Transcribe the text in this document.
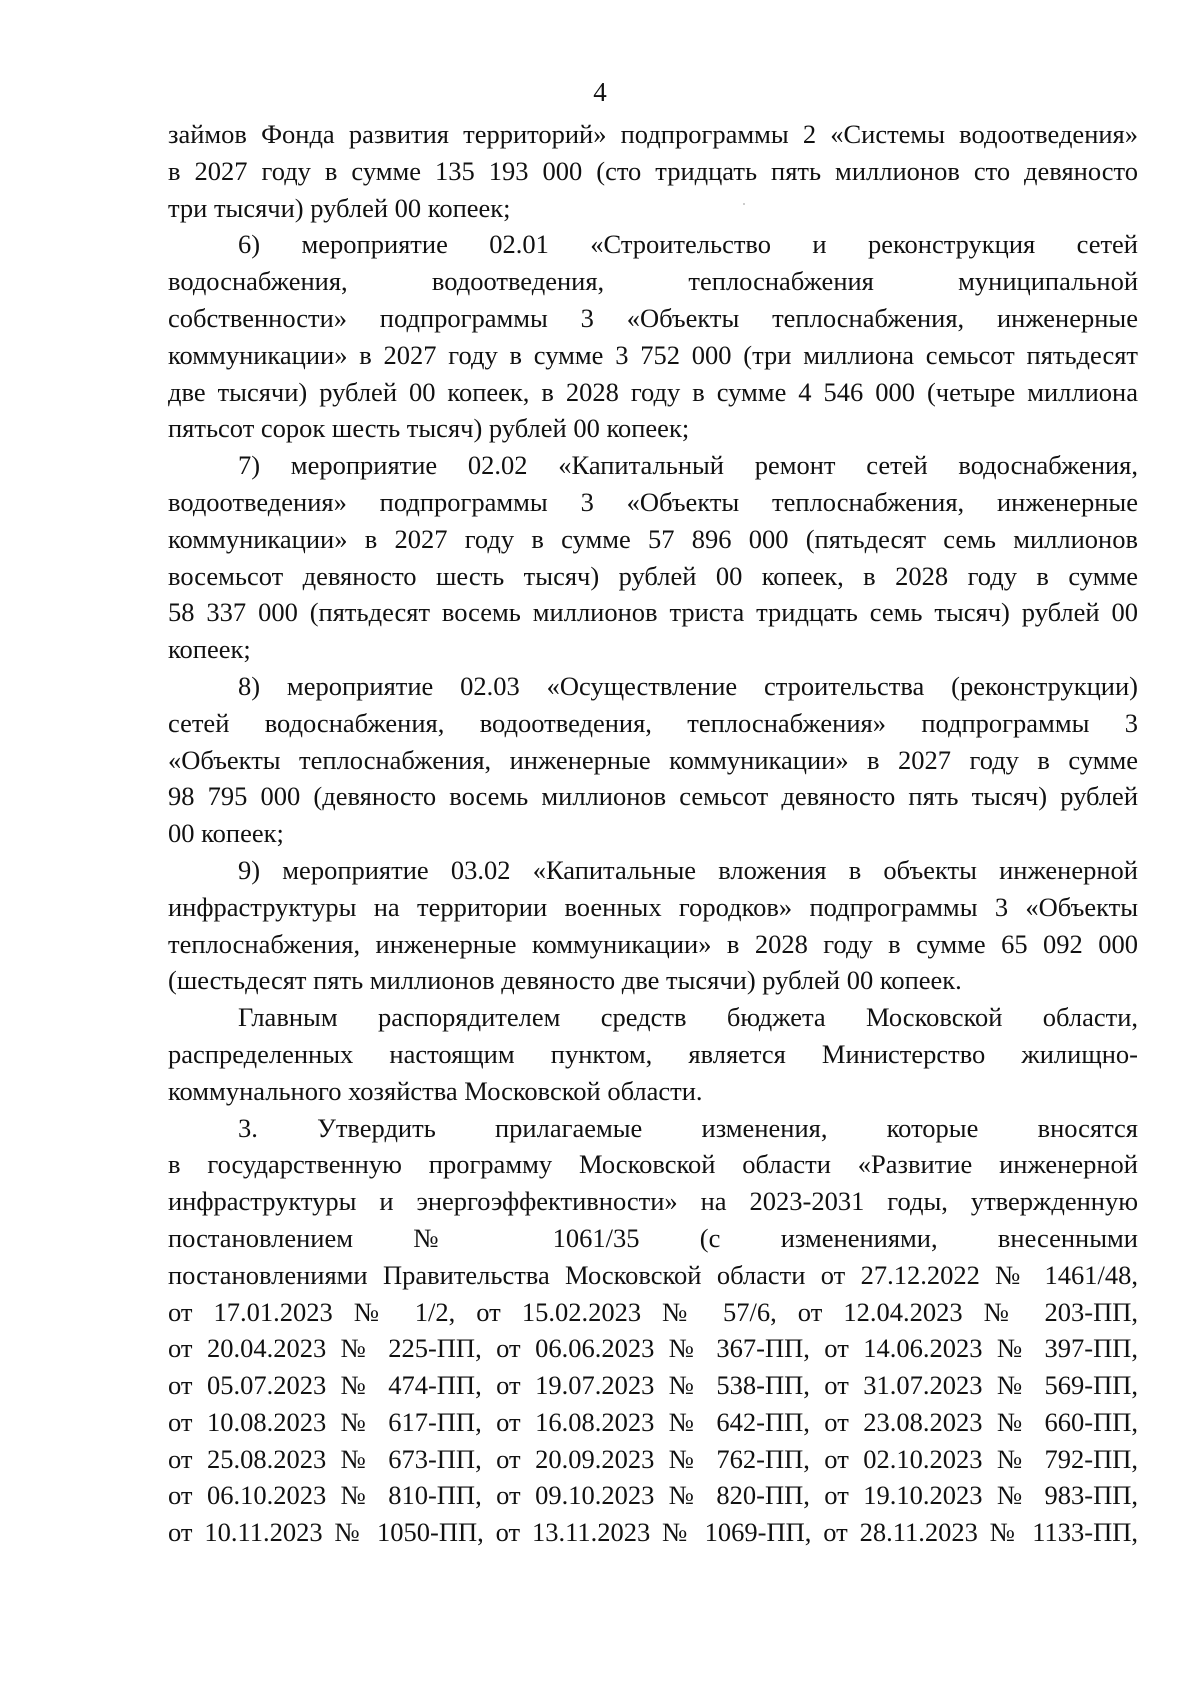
4
займов Фонда развития территорий» подпрограммы 2 «Системы водоотведения»
в 2027 году в сумме 135 193 000 (сто тридцать пять миллионов сто девяносто
три тысячи) рублей 00 копеек;
6) мероприятие 02.01 «Строительство и реконструкция сетей
водоснабжения, водоотведения, теплоснабжения муниципальной
собственности» подпрограммы 3 «Объекты теплоснабжения, инженерные
коммуникации» в 2027 году в сумме 3 752 000 (три миллиона семьсот пятьдесят
две тысячи) рублей 00 копеек, в 2028 году в сумме 4 546 000 (четыре миллиона
пятьсот сорок шесть тысяч) рублей 00 копеек;
7) мероприятие 02.02 «Капитальный ремонт сетей водоснабжения,
водоотведения» подпрограммы 3 «Объекты теплоснабжения, инженерные
коммуникации» в 2027 году в сумме 57 896 000 (пятьдесят семь миллионов
восемьсот девяносто шесть тысяч) рублей 00 копеек, в 2028 году в сумме
58 337 000 (пятьдесят восемь миллионов триста тридцать семь тысяч) рублей 00
копеек;
8) мероприятие 02.03 «Осуществление строительства (реконструкции)
сетей водоснабжения, водоотведения, теплоснабжения» подпрограммы 3
«Объекты теплоснабжения, инженерные коммуникации» в 2027 году в сумме
98 795 000 (девяносто восемь миллионов семьсот девяносто пять тысяч) рублей
00 копеек;
9) мероприятие 03.02 «Капитальные вложения в объекты инженерной
инфраструктуры на территории военных городков» подпрограммы 3 «Объекты
теплоснабжения, инженерные коммуникации» в 2028 году в сумме 65 092 000
(шестьдесят пять миллионов девяносто две тысячи) рублей 00 копеек.
Главным распорядителем средств бюджета Московской области,
распределенных настоящим пунктом, является Министерство жилищно-
коммунального хозяйства Московской области.
3. Утвердить прилагаемые изменения, которые вносятся
в государственную программу Московской области «Развитие инженерной
инфраструктуры и энергоэффективности» на 2023-2031 годы, утвержденную
постановлением № 1061/35 (с изменениями, внесенными
постановлениями Правительства Московской области от 27.12.2022 № 1461/48,
от 17.01.2023 № 1/2, от 15.02.2023 № 57/6, от 12.04.2023 № 203-ПП,
от 20.04.2023 № 225-ПП, от 06.06.2023 № 367-ПП, от 14.06.2023 № 397-ПП,
от 05.07.2023 № 474-ПП, от 19.07.2023 № 538-ПП, от 31.07.2023 № 569-ПП,
от 10.08.2023 № 617-ПП, от 16.08.2023 № 642-ПП, от 23.08.2023 № 660-ПП,
от 25.08.2023 № 673-ПП, от 20.09.2023 № 762-ПП, от 02.10.2023 № 792-ПП,
от 06.10.2023 № 810-ПП, от 09.10.2023 № 820-ПП, от 19.10.2023 № 983-ПП,
от 10.11.2023 № 1050-ПП, от 13.11.2023 № 1069-ПП, от 28.11.2023 № 1133-ПП,
